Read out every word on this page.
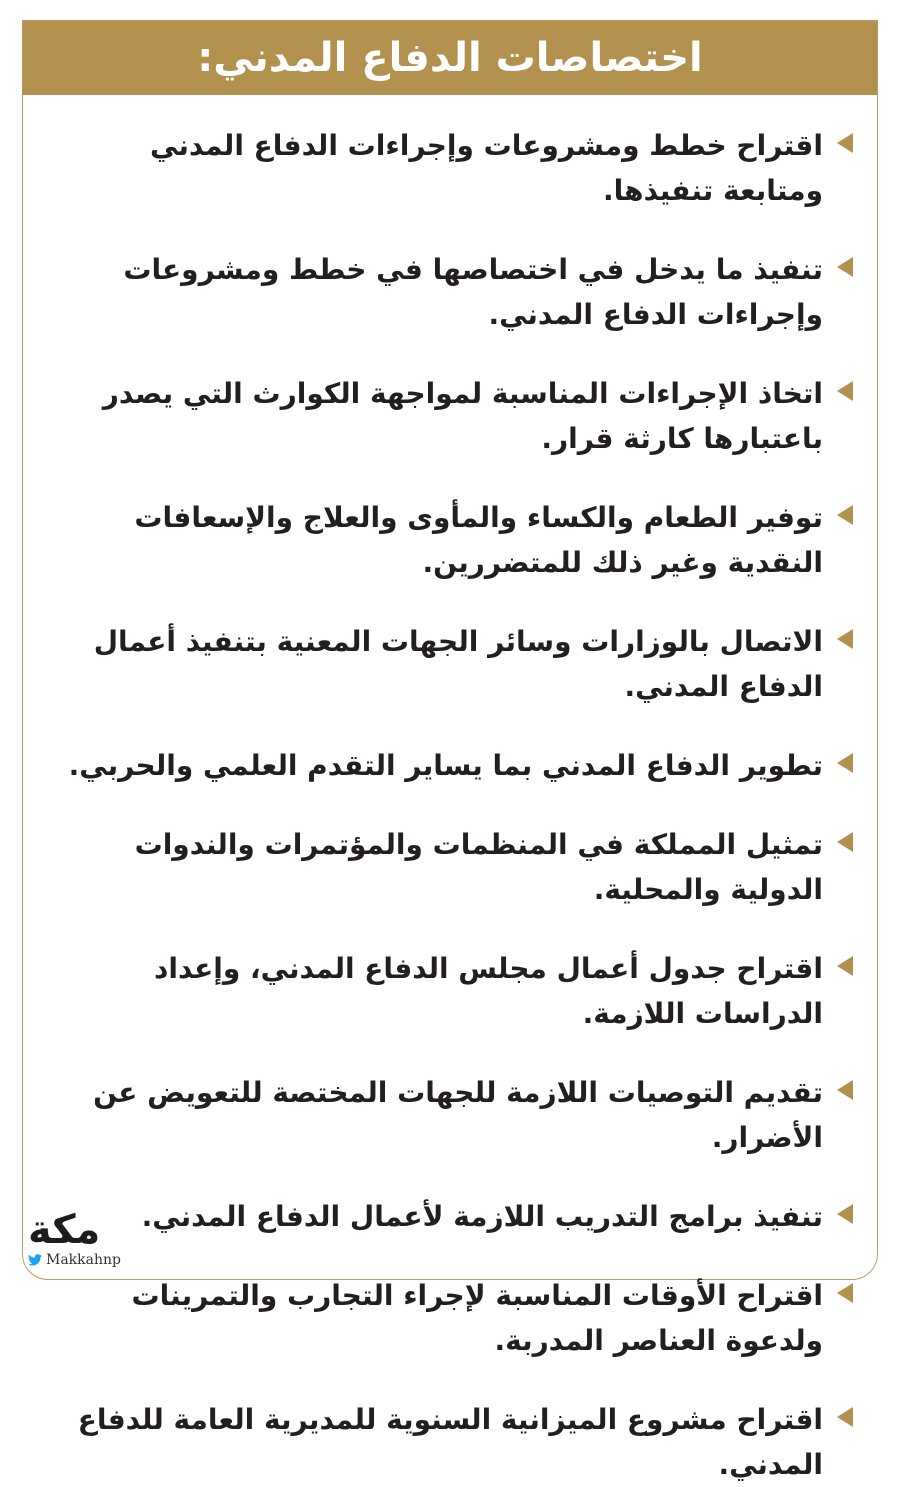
اختصاصات الدفاع المدني:
اقتراح خطط ومشروعات وإجراءات الدفاع المدني ومتابعة تنفيذها.
تنفيذ ما يدخل في اختصاصها في خطط ومشروعات وإجراءات الدفاع المدني.
اتخاذ الإجراءات المناسبة لمواجهة الكوارث التي يصدر باعتبارها كارثة قرار.
توفير الطعام والكساء والمأوى والعلاج والإسعافات النقدية وغير ذلك للمتضررين.
الاتصال بالوزارات وسائر الجهات المعنية بتنفيذ أعمال الدفاع المدني.
تطوير الدفاع المدني بما يساير التقدم العلمي والحربي.
تمثيل المملكة في المنظمات والمؤتمرات والندوات الدولية والمحلية.
اقتراح جدول أعمال مجلس الدفاع المدني، وإعداد الدراسات اللازمة.
تقديم التوصيات اللازمة للجهات المختصة للتعويض عن الأضرار.
تنفيذ برامج التدريب اللازمة لأعمال الدفاع المدني.
اقتراح الأوقات المناسبة لإجراء التجارب والتمرينات ولدعوة العناصر المدربة.
اقتراح مشروع الميزانية السنوية للمديرية العامة للدفاع المدني.
مكة
Makkahnp
